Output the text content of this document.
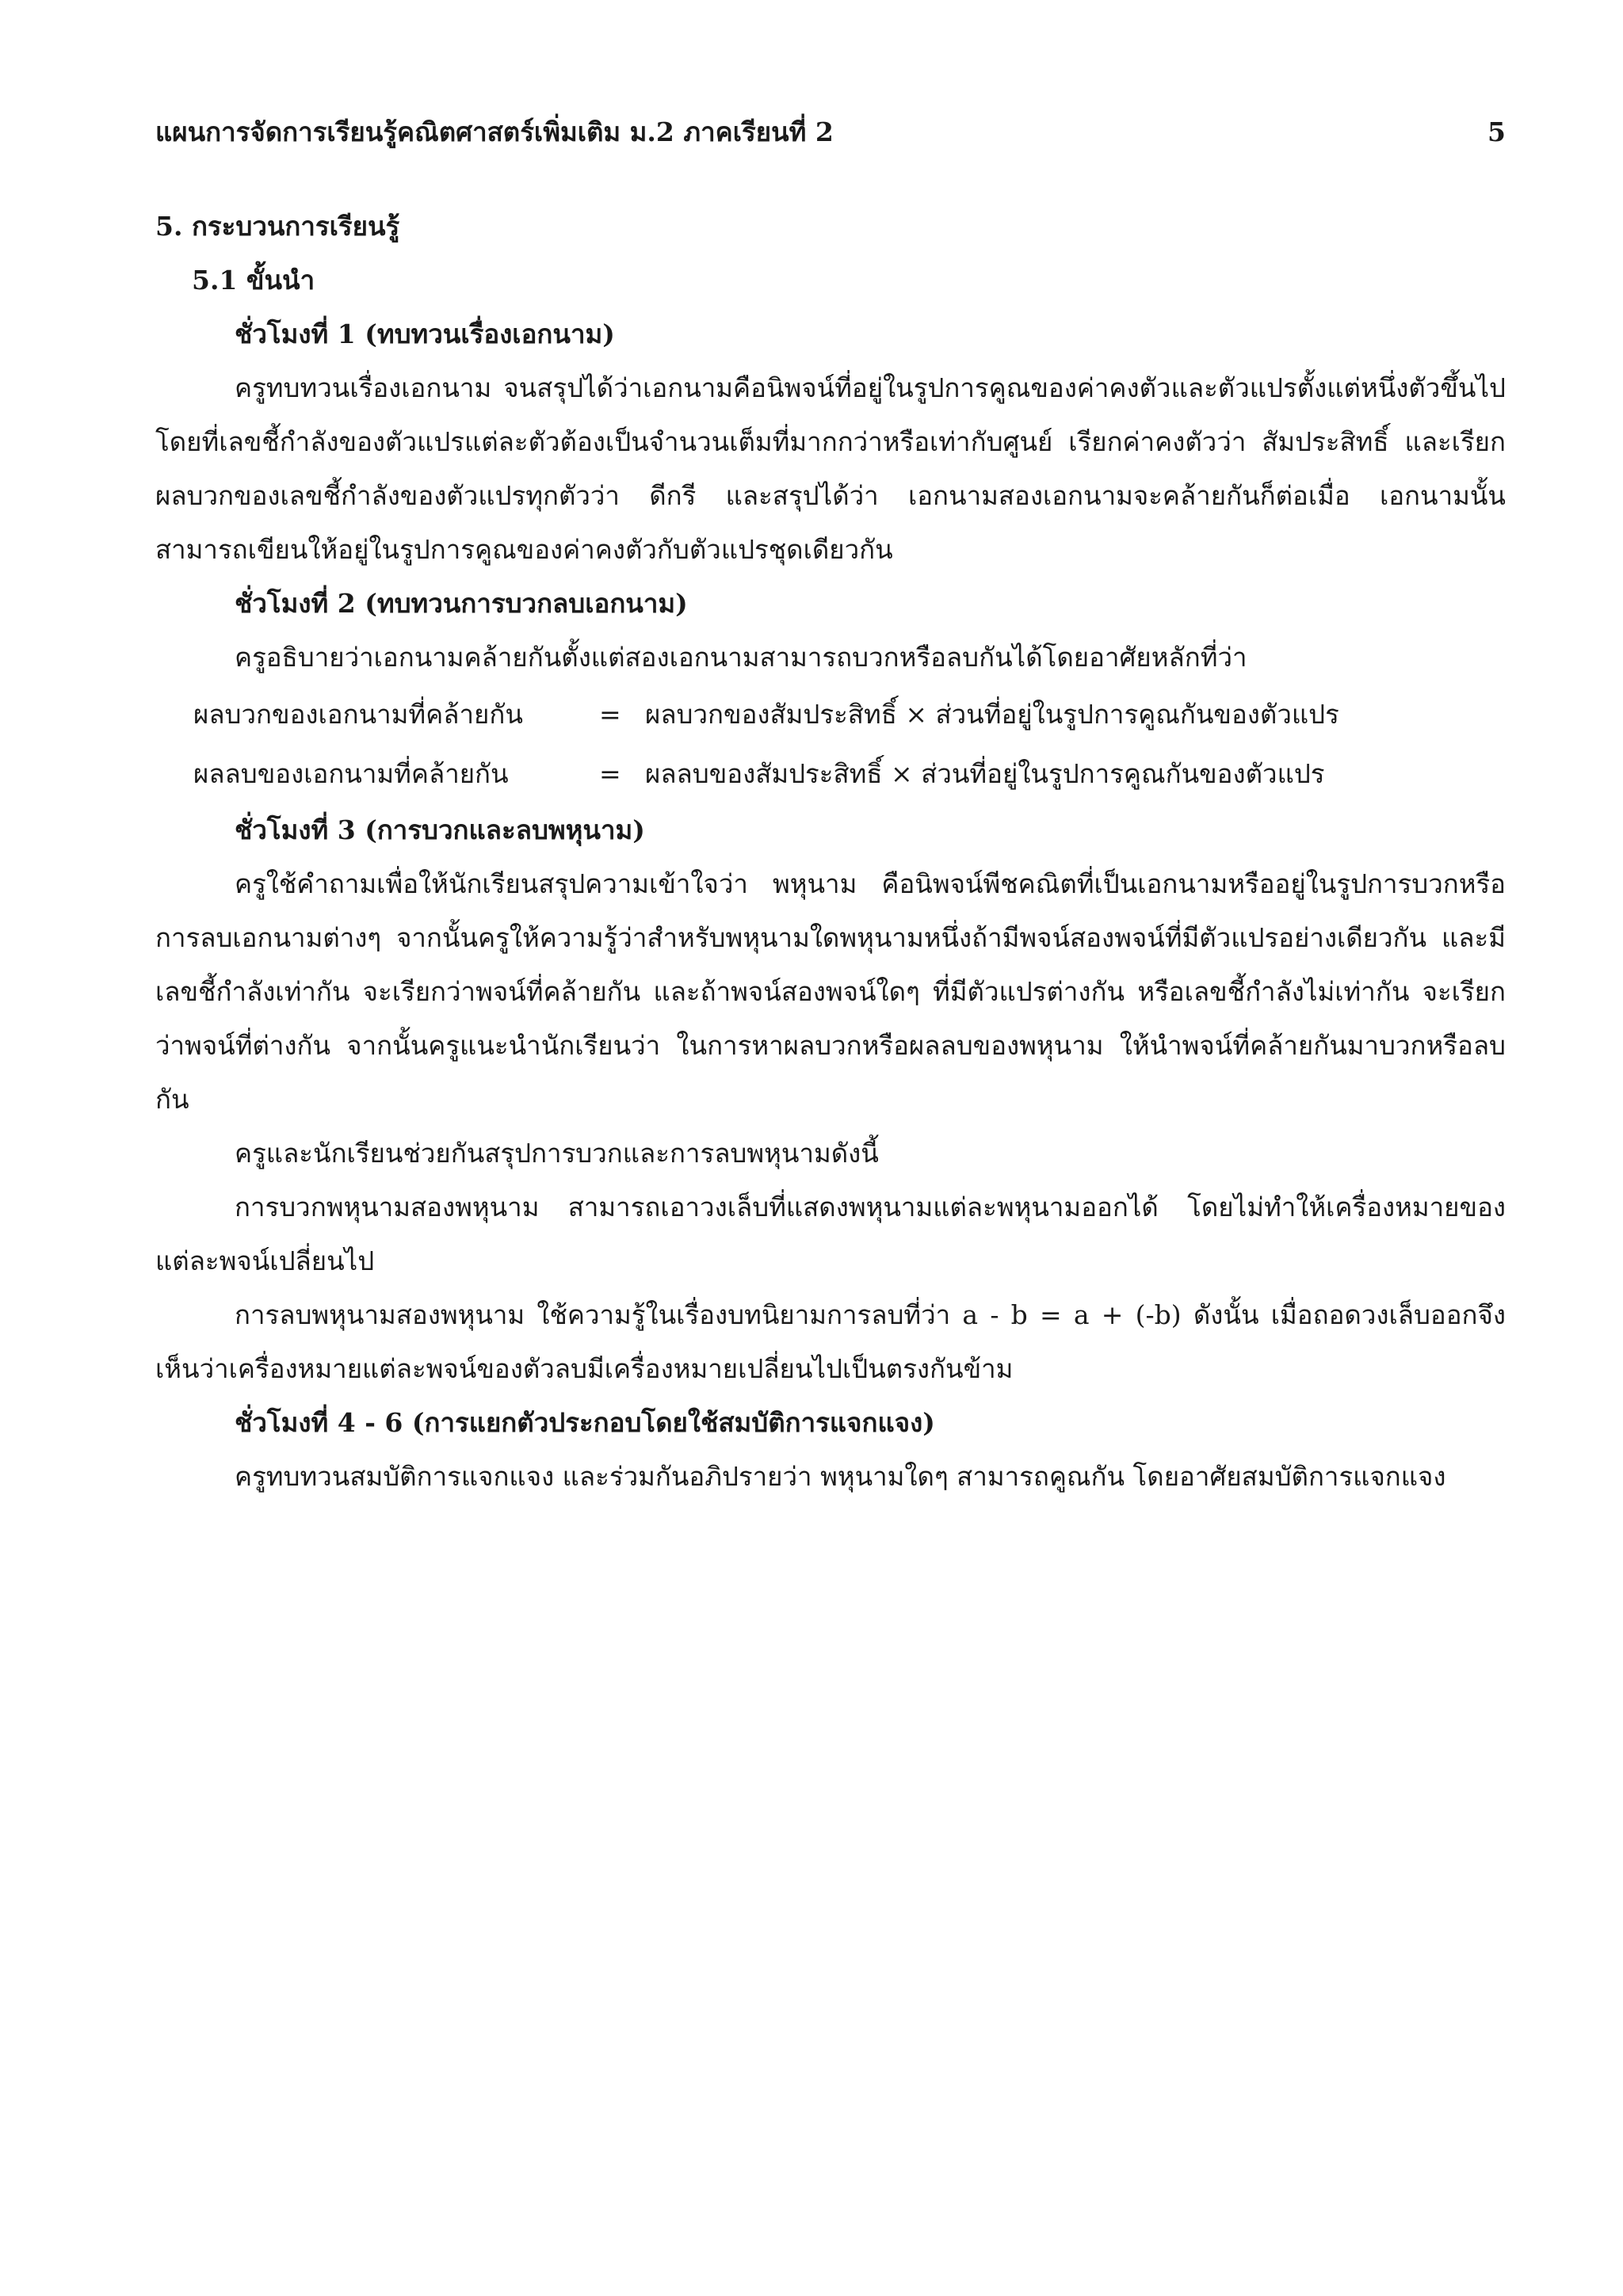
แผนการจัดการเรียนรู้คณิตศาสตร์เพิ่มเติม ม.2 ภาคเรียนที่ 2	5
5. กระบวนการเรียนรู้
5.1 ขั้นนำ
ชั่วโมงที่ 1 (ทบทวนเรื่องเอกนาม)

ครูทบทวนเรื่องเอกนาม จนสรุปได้ว่าเอกนามคือนิพจน์ที่อยู่ในรูปการคูณของค่าคงตัวและตัวแปรตั้งแต่หนึ่งตัวขึ้นไปโดยที่เลขชี้กำลังของตัวแปรแต่ละตัวต้องเป็นจำนวนเต็มที่มากกว่าหรือเท่ากับศูนย์ เรียกค่าคงตัวว่า สัมประสิทธิ์ และเรียกผลบวกของเลขชี้กำลังของตัวแปรทุกตัวว่า ดีกรี และสรุปได้ว่า เอกนามสองเอกนามจะคล้ายกันก็ต่อเมื่อ เอกนามนั้นสามารถเขียนให้อยู่ในรูปการคูณของค่าคงตัวกับตัวแปรชุดเดียวกัน

ชั่วโมงที่ 2 (ทบทวนการบวกลบเอกนาม)

ครูอธิบายว่าเอกนามคล้ายกันตั้งแต่สองเอกนามสามารถบวกหรือลบกันได้โดยอาศัยหลักที่ว่า

ผลบวกของเอกนามที่คล้ายกัน	= ผลบวกของสัมประสิทธิ์ × ส่วนที่อยู่ในรูปการคูณกันของตัวแปร
ผลลบของเอกนามที่คล้ายกัน	= ผลลบของสัมประสิทธิ์ × ส่วนที่อยู่ในรูปการคูณกันของตัวแปร
ชั่วโมงที่ 3 (การบวกและลบพหุนาม)

ครูใช้คำถามเพื่อให้นักเรียนสรุปความเข้าใจว่า พหุนาม คือนิพจน์พีชคณิตที่เป็นเอกนามหรืออยู่ในรูปการบวกหรือการลบเอกนามต่างๆ จากนั้นครูให้ความรู้ว่าสำหรับพหุนามใดพหุนามหนึ่งถ้ามีพจน์สองพจน์ที่มีตัวแปรอย่างเดียวกัน และมีเลขชี้กำลังเท่ากัน จะเรียกว่าพจน์ที่คล้ายกัน และถ้าพจน์สองพจน์ใดๆ ที่มีตัวแปรต่างกัน หรือเลขชี้กำลังไม่เท่ากัน จะเรียกว่าพจน์ที่ต่างกัน จากนั้นครูแนะนำนักเรียนว่า ในการหาผลบวกหรือผลลบของพหุนาม ให้นำพจน์ที่คล้ายกันมาบวกหรือลบกัน

ครูและนักเรียนช่วยกันสรุปการบวกและการลบพหุนามดังนี้

การบวกพหุนามสองพหุนาม สามารถเอาวงเล็บที่แสดงพหุนามแต่ละพหุนามออกได้ โดยไม่ทำให้เครื่องหมายของแต่ละพจน์เปลี่ยนไป

การลบพหุนามสองพหุนาม ใช้ความรู้ในเรื่องบทนิยามการลบที่ว่า a - b = a + (-b) ดังนั้น เมื่อถอดวงเล็บออกจึงเห็นว่าเครื่องหมายแต่ละพจน์ของตัวลบมีเครื่องหมายเปลี่ยนไปเป็นตรงกันข้าม

ชั่วโมงที่ 4 - 6 (การแยกตัวประกอบโดยใช้สมบัติการแจกแจง)

ครูทบทวนสมบัติการแจกแจง และร่วมกันอภิปรายว่า พหุนามใดๆ สามารถคูณกัน โดยอาศัยสมบัติการแจกแจง
